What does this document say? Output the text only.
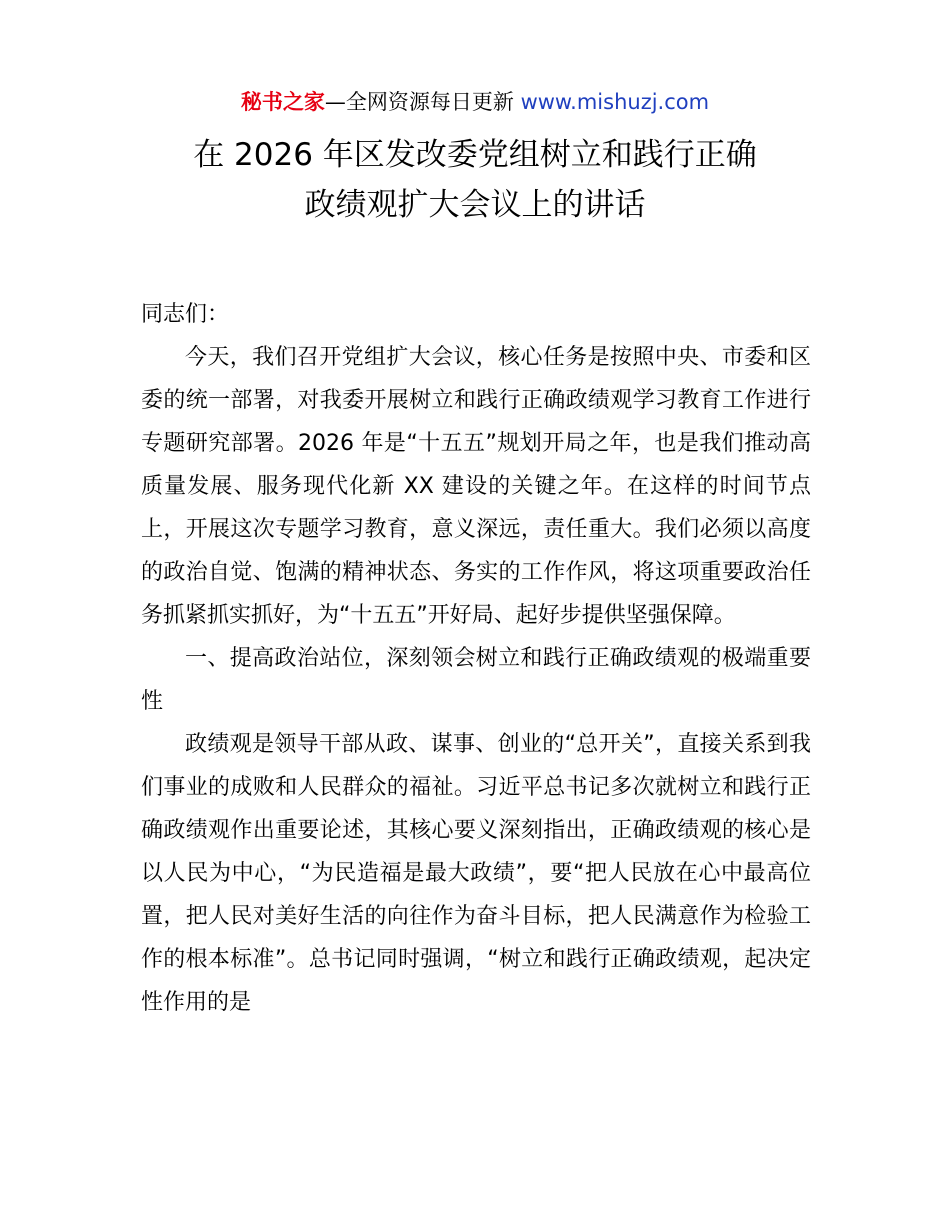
秘书之家—全网资源每日更新 www.mishuzj.com
在 2026 年区发改委党组树立和践行正确
政绩观扩大会议上的讲话

同志们：

今天，我们召开党组扩大会议，核心任务是按照中央、市委和区委的统一部署，对我委开展树立和践行正确政绩观学习教育工作进行专题研究部署。2026 年是“十五五”规划开局之年，也是我们推动高质量发展、服务现代化新 XX 建设的关键之年。在这样的时间节点上，开展这次专题学习教育，意义深远，责任重大。我们必须以高度的政治自觉、饱满的精神状态、务实的工作作风，将这项重要政治任务抓紧抓实抓好，为“十五五”开好局、起好步提供坚强保障。

一、提高政治站位，深刻领会树立和践行正确政绩观的极端重要性

政绩观是领导干部从政、谋事、创业的“总开关”，直接关系到我们事业的成败和人民群众的福祉。习近平总书记多次就树立和践行正确政绩观作出重要论述，其核心要义深刻指出，正确政绩观的核心是以人民为中心，“为民造福是最大政绩”，要“把人民放在心中最高位置，把人民对美好生活的向往作为奋斗目标，把人民满意作为检验工作的根本标准”。总书记同时强调，“树立和践行正确政绩观，起决定性作用的是
